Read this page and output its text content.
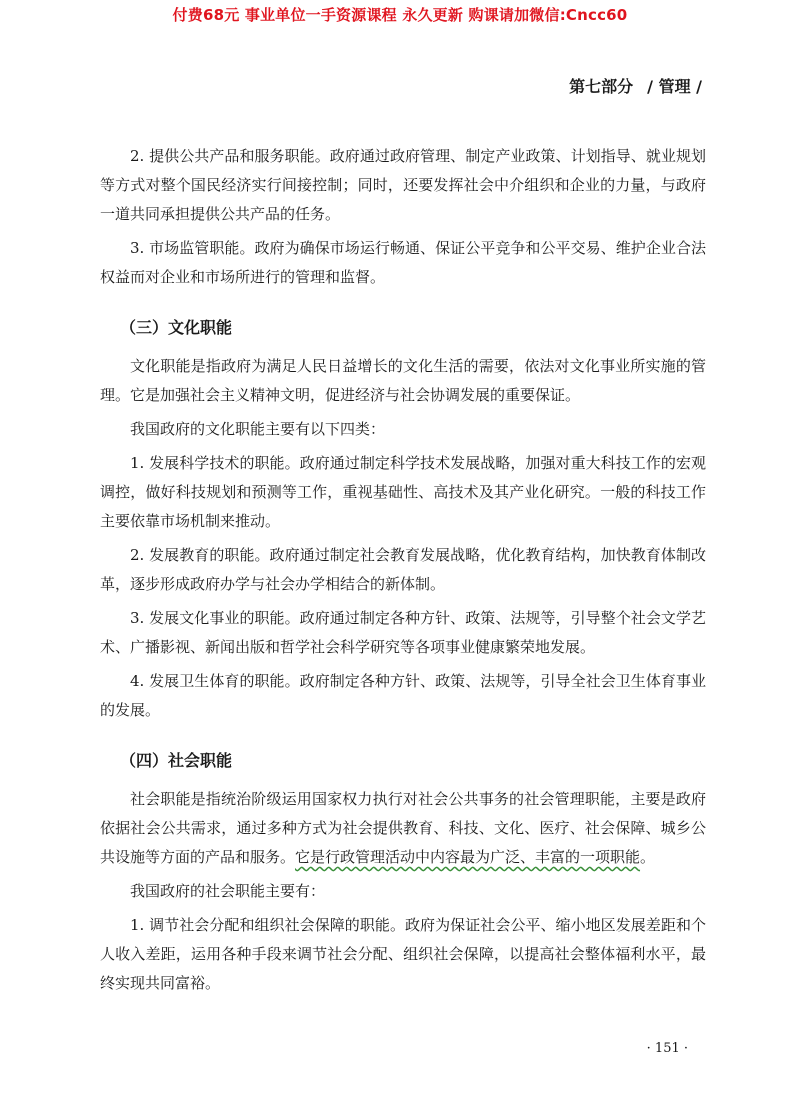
付费68元 事业单位一手资源课程 永久更新 购课请加微信:Cncc60
第七部分 / 管理 /

2. 提供公共产品和服务职能。政府通过政府管理、制定产业政策、计划指导、就业规划等方式对整个国民经济实行间接控制；同时，还要发挥社会中介组织和企业的力量，与政府一道共同承担提供公共产品的任务。

3. 市场监管职能。政府为确保市场运行畅通、保证公平竞争和公平交易、维护企业合法权益而对企业和市场所进行的管理和监督。

（三）文化职能

文化职能是指政府为满足人民日益增长的文化生活的需要，依法对文化事业所实施的管理。它是加强社会主义精神文明，促进经济与社会协调发展的重要保证。

我国政府的文化职能主要有以下四类：

1. 发展科学技术的职能。政府通过制定科学技术发展战略，加强对重大科技工作的宏观调控，做好科技规划和预测等工作，重视基础性、高技术及其产业化研究。一般的科技工作主要依靠市场机制来推动。

2. 发展教育的职能。政府通过制定社会教育发展战略，优化教育结构，加快教育体制改革，逐步形成政府办学与社会办学相结合的新体制。

3. 发展文化事业的职能。政府通过制定各种方针、政策、法规等，引导整个社会文学艺术、广播影视、新闻出版和哲学社会科学研究等各项事业健康繁荣地发展。

4. 发展卫生体育的职能。政府制定各种方针、政策、法规等，引导全社会卫生体育事业的发展。

（四）社会职能

社会职能是指统治阶级运用国家权力执行对社会公共事务的社会管理职能，主要是政府依据社会公共需求，通过多种方式为社会提供教育、科技、文化、医疗、社会保障、城乡公共设施等方面的产品和服务。它是行政管理活动中内容最为广泛、丰富的一项职能。

我国政府的社会职能主要有：

1. 调节社会分配和组织社会保障的职能。政府为保证社会公平、缩小地区发展差距和个人收入差距，运用各种手段来调节社会分配、组织社会保障，以提高社会整体福利水平，最终实现共同富裕。

· 151 ·
